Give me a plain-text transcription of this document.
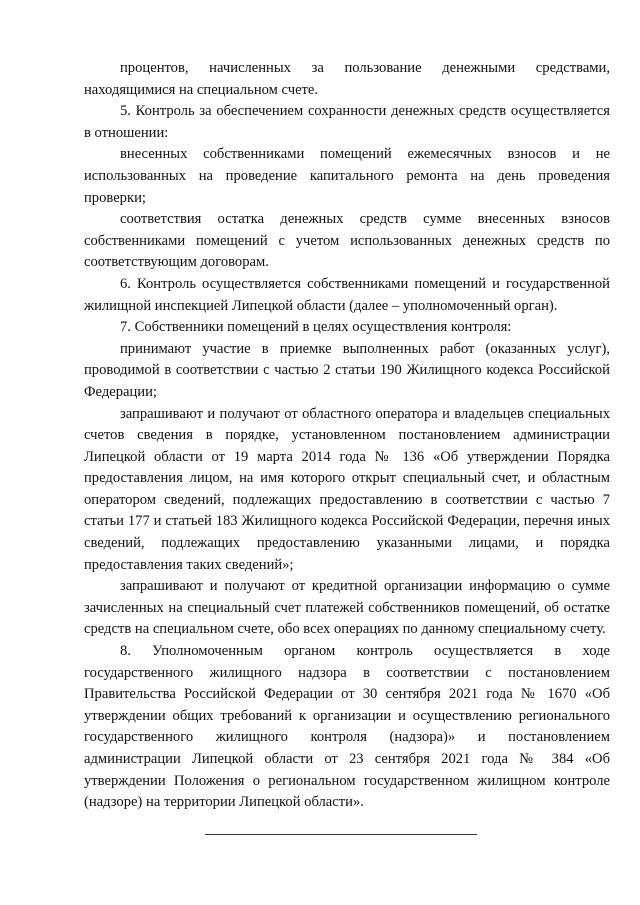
процентов, начисленных за пользование денежными средствами, находящимися на специальном счете.

5. Контроль за обеспечением сохранности денежных средств осуществляется в отношении:

внесенных собственниками помещений ежемесячных взносов и не использованных на проведение капитального ремонта на день проведения проверки;

соответствия остатка денежных средств сумме внесенных взносов собственниками помещений с учетом использованных денежных средств по соответствующим договорам.

6. Контроль осуществляется собственниками помещений и государственной жилищной инспекцией Липецкой области (далее – уполномоченный орган).

7. Собственники помещений в целях осуществления контроля:

принимают участие в приемке выполненных работ (оказанных услуг), проводимой в соответствии с частью 2 статьи 190 Жилищного кодекса Российской Федерации;

запрашивают и получают от областного оператора и владельцев специальных счетов сведения в порядке, установленном постановлением администрации Липецкой области от 19 марта 2014 года № 136 «Об утверждении Порядка предоставления лицом, на имя которого открыт специальный счет, и областным оператором сведений, подлежащих предоставлению в соответствии с частью 7 статьи 177 и статьей 183 Жилищного кодекса Российской Федерации, перечня иных сведений, подлежащих предоставлению указанными лицами, и порядка предоставления таких сведений»;

запрашивают и получают от кредитной организации информацию о сумме зачисленных на специальный счет платежей собственников помещений, об остатке средств на специальном счете, обо всех операциях по данному специальному счету.

8. Уполномоченным органом контроль осуществляется в ходе государственного жилищного надзора в соответствии с постановлением Правительства Российской Федерации от 30 сентября 2021 года № 1670 «Об утверждении общих требований к организации и осуществлению регионального государственного жилищного контроля (надзора)» и постановлением администрации Липецкой области от 23 сентября 2021 года № 384 «Об утверждении Положения о региональном государственном жилищном контроле (надзоре) на территории Липецкой области».
